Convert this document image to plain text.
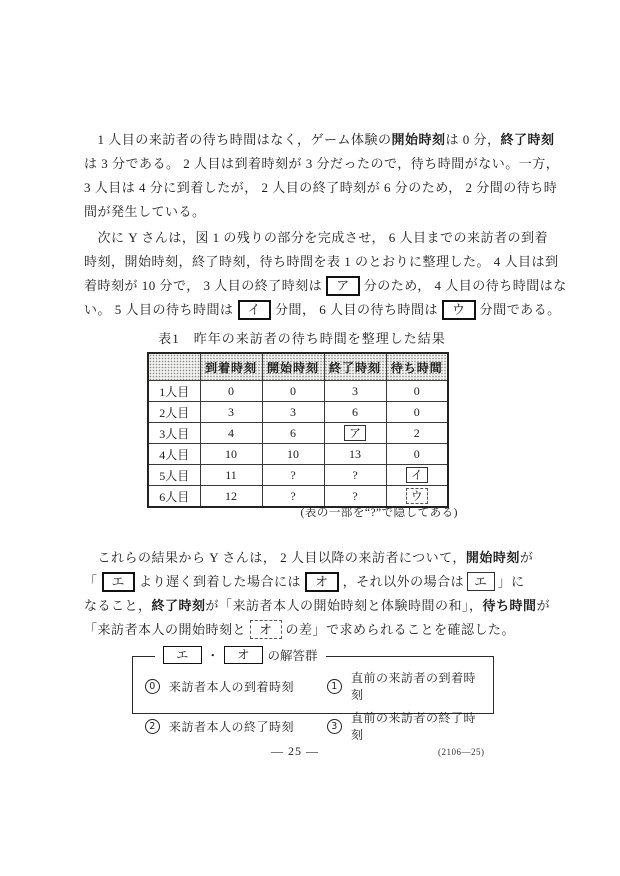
　1 人目の来訪者の待ち時間はなく，ゲーム体験の開始時刻は 0 分，終了時刻
は 3 分である。 2 人目は到着時刻が 3 分だったので，待ち時間がない。一方，
3 人目は 4 分に到着したが， 2 人目の終了時刻が 6 分のため， 2 分間の待ち時
間が発生している。
　次に Y さんは，図 1 の残りの部分を完成させ， 6 人目までの来訪者の到着
時刻，開始時刻，終了時刻，待ち時間を表 1 のとおりに整理した。 4 人目は到
着時刻が 10 分で， 3 人目の終了時刻は ア 分のため， 4 人目の待ち時間はな
い。 5 人目の待ち時間は イ 分間， 6 人目の待ち時間は ウ 分間である。
表1　昨年の来訪者の待ち時間を整理した結果
	到着時刻	開始時刻	終了時刻	待ち時間
1人目	0	0	3	0
2人目	3	3	6	0
3人目	4	6	ア	2
4人目	10	10	13	0
5人目	11	?	?	イ
6人目	12	?	?	ウ
(表の一部を“?”で隠してある)
　これらの結果から Y さんは， 2 人目以降の来訪者について，開始時刻が
「 エ より遅く到着した場合には オ ，それ以外の場合は エ 」に
なること，終了時刻が「来訪者本人の開始時刻と体験時間の和」，待ち時間が
「来訪者本人の開始時刻と オ の差」で求められることを確認した。
エ	・	オ	の解答群
0	来訪者本人の到着時刻	1
直前の来訪者の到着時刻
2	来訪者本人の終了時刻	3
直前の来訪者の終了時刻
— 25 —	(2106—25)
